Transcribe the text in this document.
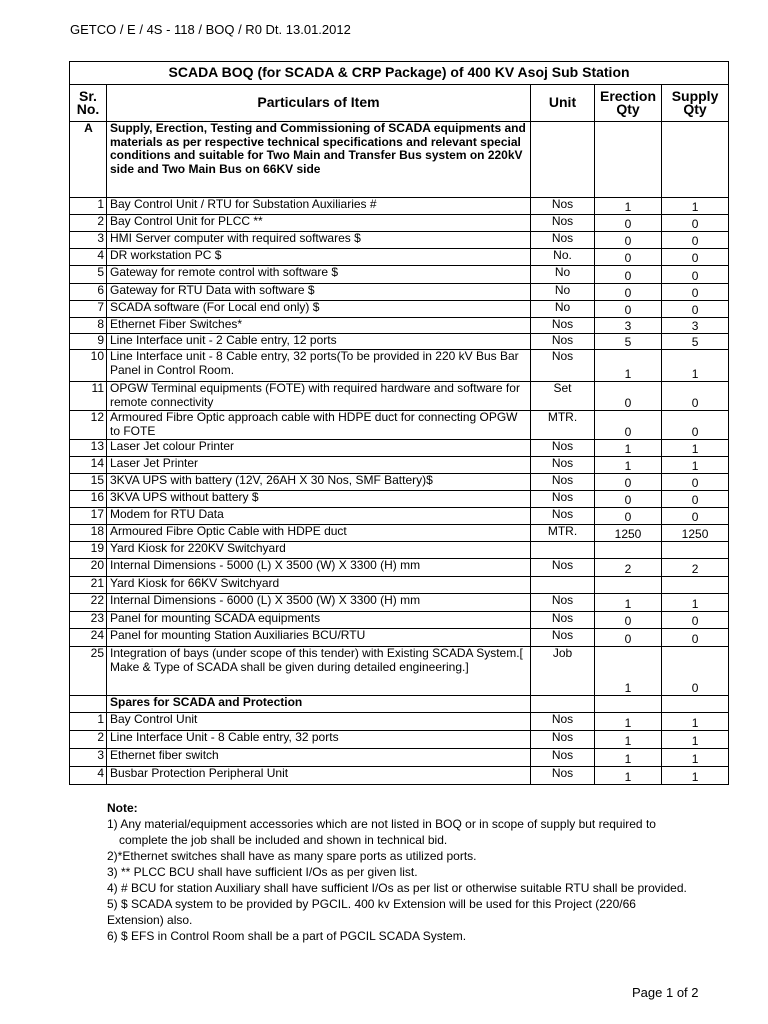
GETCO / E / 4S - 118 / BOQ / R0 Dt. 13.01.2012
SCADA BOQ (for SCADA & CRP Package) of 400 KV Asoj Sub Station				
Sr. No.	Particulars of Item	Unit	Erection Qty	Supply Qty
A	Supply, Erection, Testing and Commissioning of SCADA equipments and materials as per respective technical specifications and relevant special conditions and suitable for Two Main and Transfer Bus system on 220kV side and Two Main Bus on 66KV side			
1	Bay Control Unit / RTU for Substation Auxiliaries #	Nos	1	1
2	Bay Control Unit for PLCC **	Nos	0	0
3	HMI Server computer with required softwares $	Nos	0	0
4	DR workstation PC $	No.	0	0
5	Gateway for remote control with software $	No	0	0
6	Gateway for RTU Data with software $	No	0	0
7	SCADA software (For Local end only) $	No	0	0
8	Ethernet Fiber Switches*	Nos	3	3
9	Line Interface unit - 2 Cable entry, 12 ports	Nos	5	5
10	Line Interface unit - 8 Cable entry, 32 ports(To be provided in 220 kV Bus Bar Panel in Control Room.	Nos	1	1
11	OPGW Terminal equipments (FOTE) with required hardware and software for remote connectivity	Set	0	0
12	Armoured Fibre Optic approach cable with HDPE duct for connecting OPGW to FOTE	MTR.	0	0
13	Laser Jet colour Printer	Nos	1	1
14	Laser Jet Printer	Nos	1	1
15	3KVA UPS with battery (12V, 26AH X 30 Nos, SMF Battery)$	Nos	0	0
16	3KVA UPS without battery $	Nos	0	0
17	Modem for RTU Data	Nos	0	0
18	Armoured Fibre Optic Cable with HDPE duct	MTR.	1250	1250
19	Yard Kiosk for 220KV Switchyard			
20	Internal Dimensions - 5000 (L) X 3500 (W) X 3300 (H) mm	Nos	2	2
21	Yard Kiosk for 66KV Switchyard			
22	Internal Dimensions - 6000 (L) X 3500 (W) X 3300 (H) mm	Nos	1	1
23	Panel for mounting SCADA equipments	Nos	0	0
24	Panel for mounting Station Auxiliaries BCU/RTU	Nos	0	0
25	Integration of bays (under scope of this tender) with Existing SCADA System.[ Make & Type of SCADA shall be given during detailed engineering.]	Job	1	0
	Spares for SCADA and Protection			
1	Bay Control Unit	Nos	1	1
2	Line Interface Unit - 8 Cable entry, 32 ports	Nos	1	1
3	Ethernet fiber switch	Nos	1	1
4	Busbar Protection Peripheral Unit	Nos	1	1
Note:
1) Any material/equipment accessories which are not listed in BOQ or in scope of supply but required to
complete the job shall be included and shown in technical bid.
2)*Ethernet switches shall have as many spare ports as utilized ports.
3) ** PLCC BCU shall have sufficient I/Os as per given list.
4) # BCU for station Auxiliary shall have sufficient I/Os as per list or otherwise suitable RTU shall be provided.
5) $ SCADA system to be provided by PGCIL. 400 kv Extension will be used for this Project (220/66
Extension) also.
6) $ EFS in Control Room shall be a part of PGCIL SCADA System.
Page 1 of 2
